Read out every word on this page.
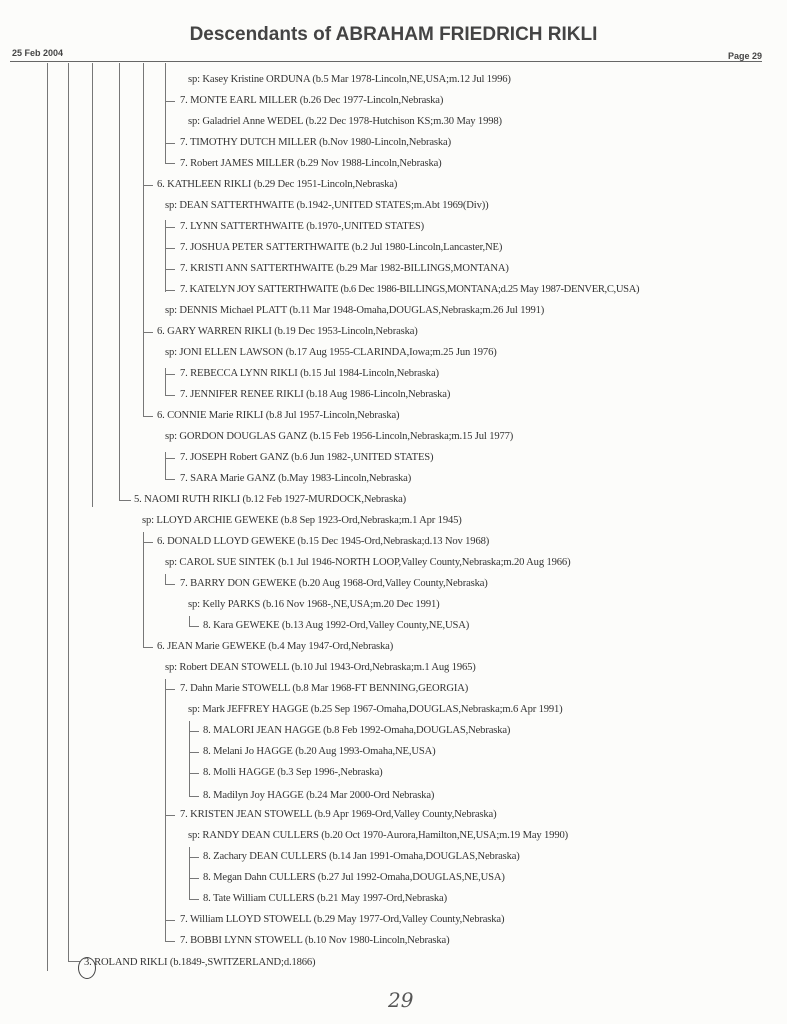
Descendants of ABRAHAM FRIEDRICH RIKLI
25 Feb 2004	Page 29
sp: Kasey Kristine ORDUNA (b.5 Mar 1978-Lincoln,NE,USA;m.12 Jul 1996)
7. MONTE EARL MILLER (b.26 Dec 1977-Lincoln,Nebraska)
sp: Galadriel Anne WEDEL (b.22 Dec 1978-Hutchison KS;m.30 May 1998)
7. TIMOTHY DUTCH MILLER (b.Nov 1980-Lincoln,Nebraska)
7. Robert JAMES MILLER (b.29 Nov 1988-Lincoln,Nebraska)
6. KATHLEEN RIKLI (b.29 Dec 1951-Lincoln,Nebraska)
sp: DEAN SATTERTHWAITE (b.1942-,UNITED STATES;m.Abt 1969(Div))
7. LYNN SATTERTHWAITE (b.1970-,UNITED STATES)
7. JOSHUA PETER SATTERTHWAITE (b.2 Jul 1980-Lincoln,Lancaster,NE)
7. KRISTI ANN SATTERTHWAITE (b.29 Mar 1982-BILLINGS,MONTANA)
7. KATELYN JOY SATTERTHWAITE (b.6 Dec 1986-BILLINGS,MONTANA;d.25 May 1987-DENVER,C,USA)
sp: DENNIS Michael PLATT (b.11 Mar 1948-Omaha,DOUGLAS,Nebraska;m.26 Jul 1991)
6. GARY WARREN RIKLI (b.19 Dec 1953-Lincoln,Nebraska)
sp: JONI ELLEN LAWSON (b.17 Aug 1955-CLARINDA,Iowa;m.25 Jun 1976)
7. REBECCA LYNN RIKLI (b.15 Jul 1984-Lincoln,Nebraska)
7. JENNIFER RENEE RIKLI (b.18 Aug 1986-Lincoln,Nebraska)
6. CONNIE Marie RIKLI (b.8 Jul 1957-Lincoln,Nebraska)
sp: GORDON DOUGLAS GANZ (b.15 Feb 1956-Lincoln,Nebraska;m.15 Jul 1977)
7. JOSEPH Robert GANZ (b.6 Jun 1982-,UNITED STATES)
7. SARA Marie GANZ (b.May 1983-Lincoln,Nebraska)
5. NAOMI RUTH RIKLI (b.12 Feb 1927-MURDOCK,Nebraska)
sp: LLOYD ARCHIE GEWEKE (b.8 Sep 1923-Ord,Nebraska;m.1 Apr 1945)
6. DONALD LLOYD GEWEKE (b.15 Dec 1945-Ord,Nebraska;d.13 Nov 1968)
sp: CAROL SUE SINTEK (b.1 Jul 1946-NORTH LOOP,Valley County,Nebraska;m.20 Aug 1966)
7. BARRY DON GEWEKE (b.20 Aug 1968-Ord,Valley County,Nebraska)
sp: Kelly PARKS (b.16 Nov 1968-,NE,USA;m.20 Dec 1991)
8. Kara GEWEKE (b.13 Aug 1992-Ord,Valley County,NE,USA)
6. JEAN Marie GEWEKE (b.4 May 1947-Ord,Nebraska)
sp: Robert DEAN STOWELL (b.10 Jul 1943-Ord,Nebraska;m.1 Aug 1965)
7. Dahn Marie STOWELL (b.8 Mar 1968-FT BENNING,GEORGIA)
sp: Mark JEFFREY HAGGE (b.25 Sep 1967-Omaha,DOUGLAS,Nebraska;m.6 Apr 1991)
8. MALORI JEAN HAGGE (b.8 Feb 1992-Omaha,DOUGLAS,Nebraska)
8. Melani Jo HAGGE (b.20 Aug 1993-Omaha,NE,USA)
8. Molli HAGGE (b.3 Sep 1996-,Nebraska)
8. Madilyn Joy HAGGE (b.24 Mar 2000-Ord Nebraska)
7. KRISTEN JEAN STOWELL (b.9 Apr 1969-Ord,Valley County,Nebraska)
sp: RANDY DEAN CULLERS (b.20 Oct 1970-Aurora,Hamilton,NE,USA;m.19 May 1990)
8. Zachary DEAN CULLERS (b.14 Jan 1991-Omaha,DOUGLAS,Nebraska)
8. Megan Dahn CULLERS (b.27 Jul 1992-Omaha,DOUGLAS,NE,USA)
8. Tate William CULLERS (b.21 May 1997-Ord,Nebraska)
7. William LLOYD STOWELL (b.29 May 1977-Ord,Valley County,Nebraska)
7. BOBBI LYNN STOWELL (b.10 Nov 1980-Lincoln,Nebraska)
3. ROLAND RIKLI (b.1849-,SWITZERLAND;d.1866)
29
